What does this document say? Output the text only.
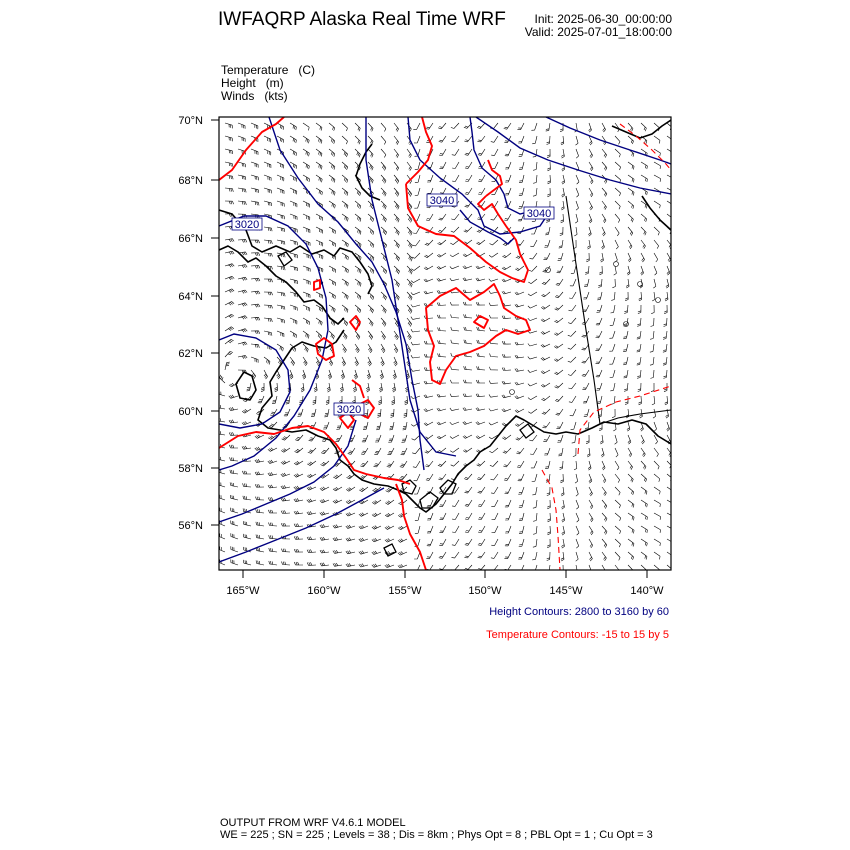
IWFAQRP Alaska Real Time WRF	Init: 2025-06-30_00:00:00
Valid: 2025-07-01_18:00:00
Temperature   (C)
Height   (m)
Winds   (kts)
3040
3040
3020
3020
70°N
68°N
66°N
64°N
62°N
60°N
58°N
56°N
165°W	160°W	155°W	150°W	145°W	140°W
Height Contours: 2800 to 3160 by 60
Temperature Contours: -15 to 15 by 5
OUTPUT FROM WRF V4.6.1 MODEL
WE = 225 ; SN = 225 ; Levels = 38 ; Dis = 8km ; Phys Opt = 8 ; PBL Opt = 1 ; Cu Opt = 3
